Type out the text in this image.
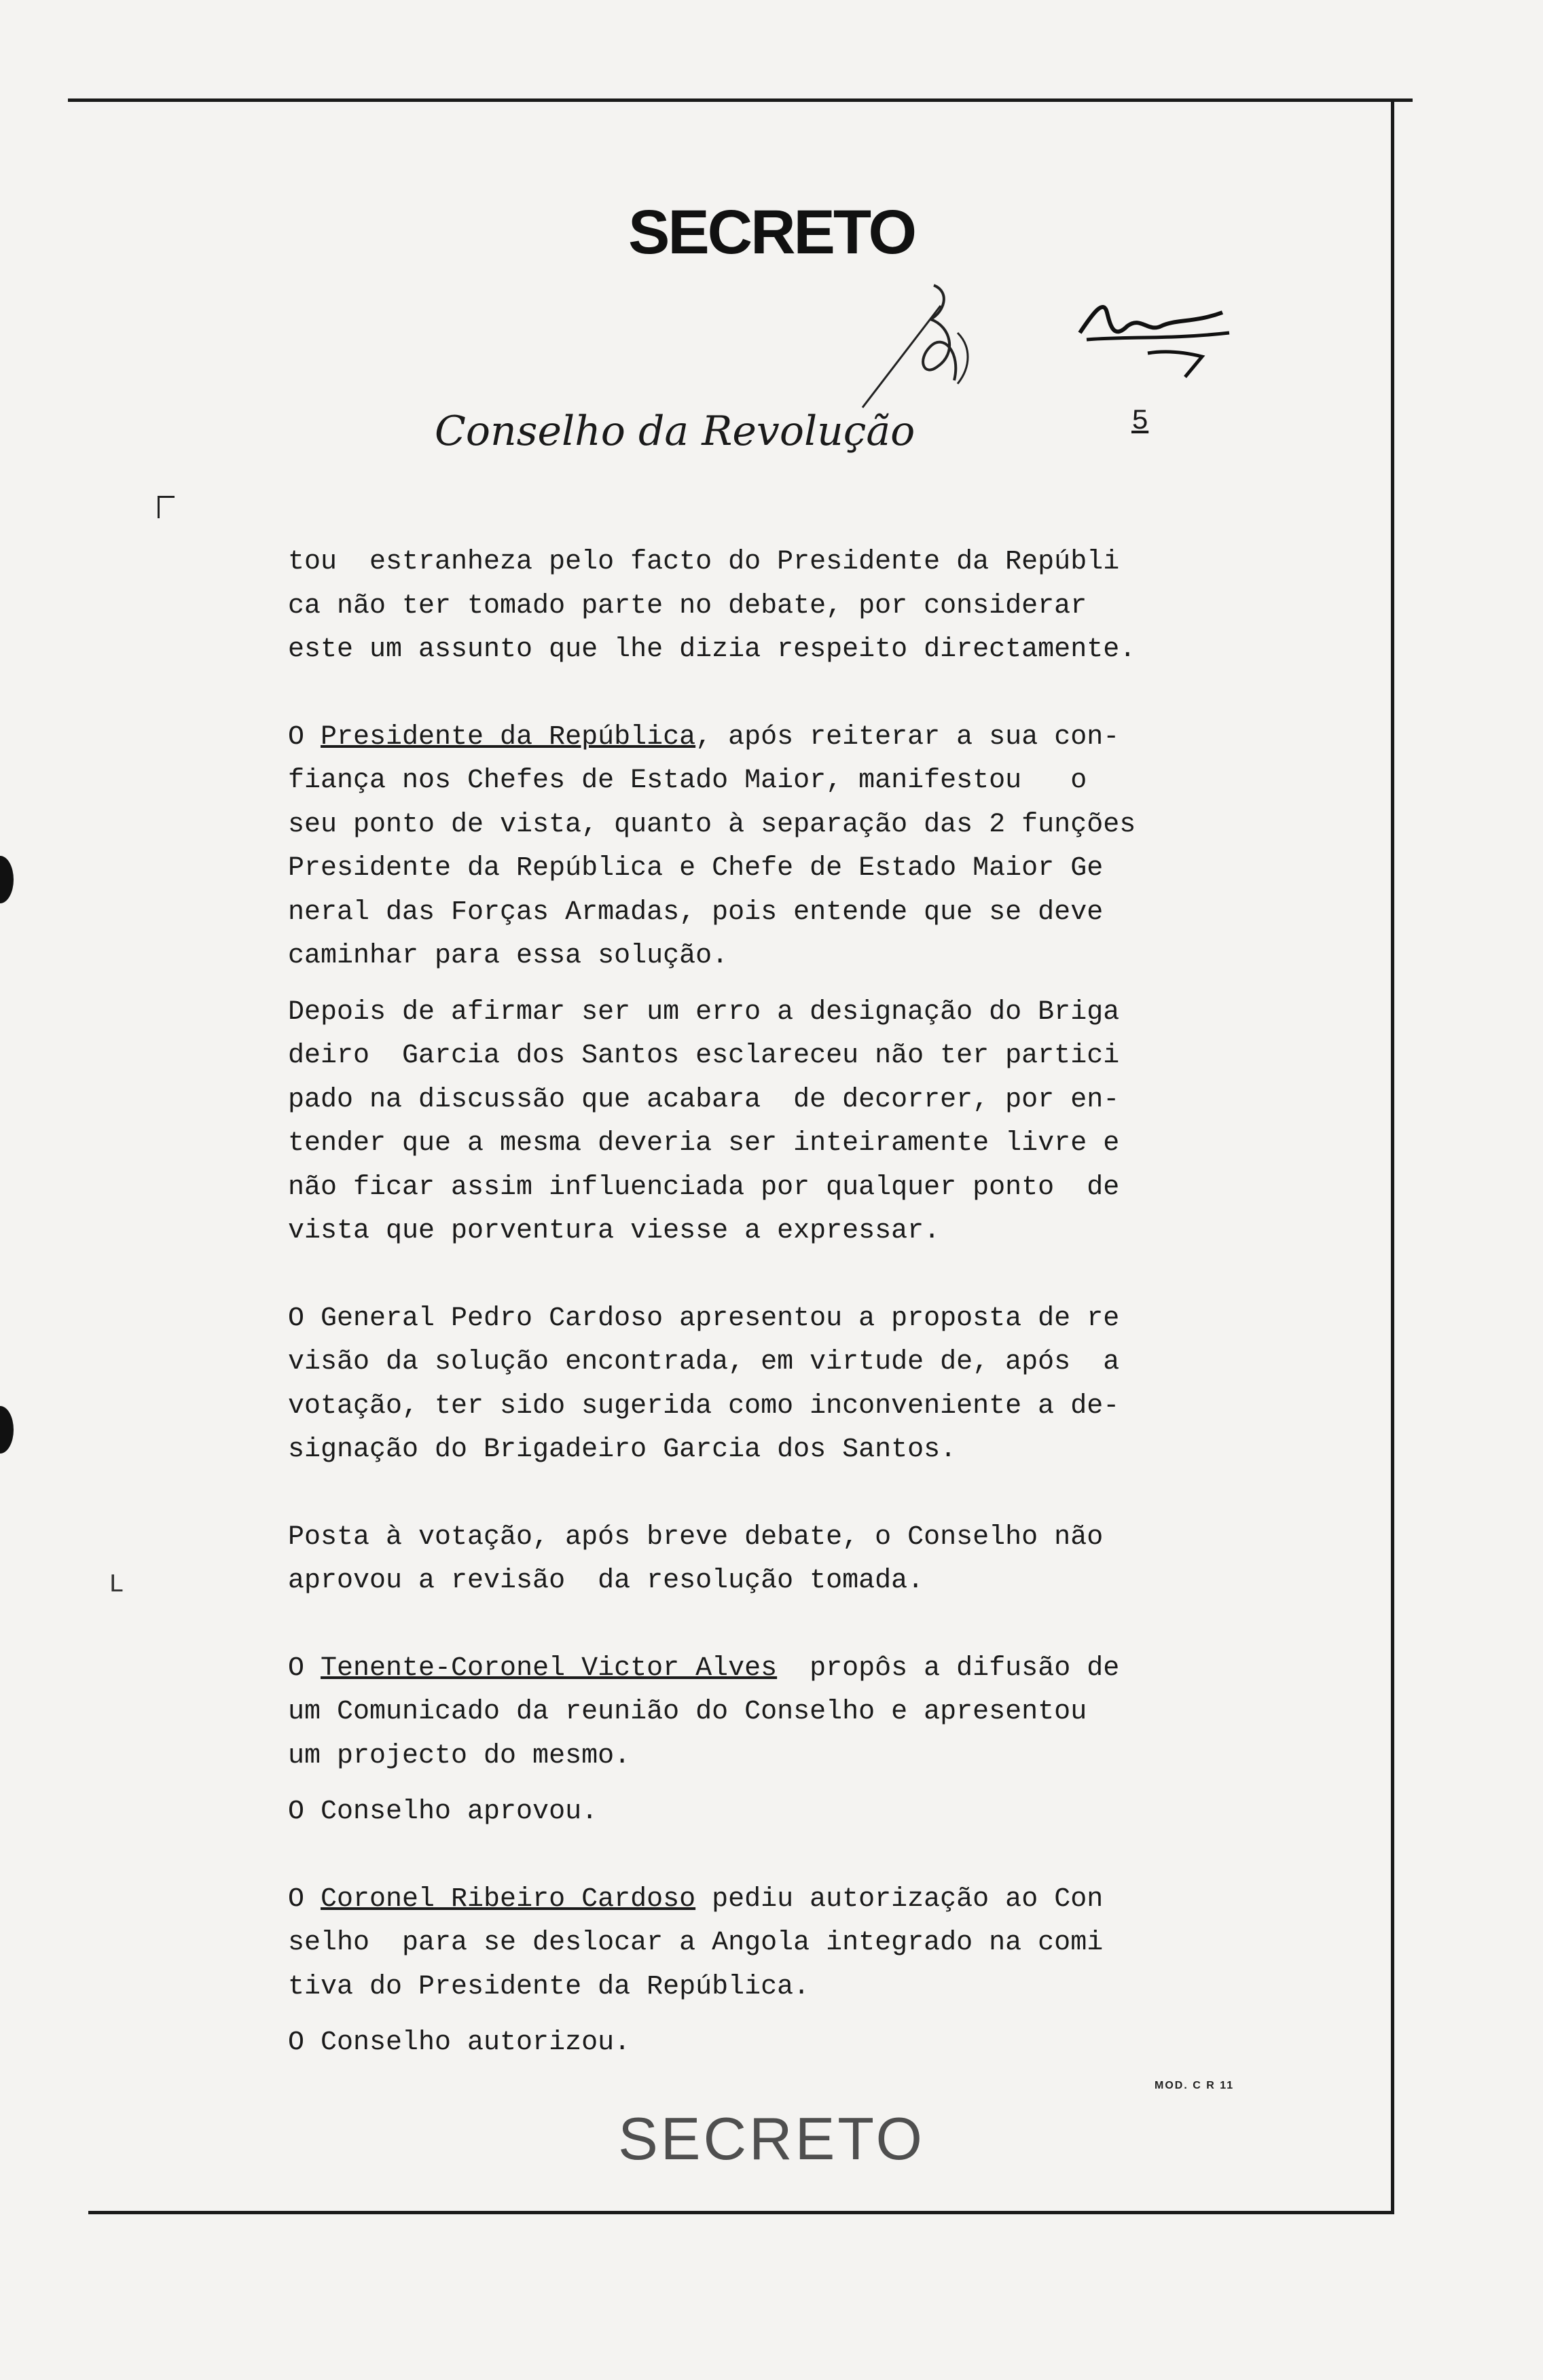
L
SECRETO
Conselho da Revolução	5
tou  estranheza pelo facto do Presidente da Repúbli
ca não ter tomado parte no debate, por considerar
este um assunto que lhe dizia respeito directamente.
O Presidente da República, após reiterar a sua con-
fiança nos Chefes de Estado Maior, manifestou   o
seu ponto de vista, quanto à separação das 2 funções
Presidente da República e Chefe de Estado Maior Ge
neral das Forças Armadas, pois entende que se deve
caminhar para essa solução.
Depois de afirmar ser um erro a designação do Briga
deiro  Garcia dos Santos esclareceu não ter partici
pado na discussão que acabara  de decorrer, por en-
tender que a mesma deveria ser inteiramente livre e
não ficar assim influenciada por qualquer ponto  de
vista que porventura viesse a expressar.
O General Pedro Cardoso apresentou a proposta de re
visão da solução encontrada, em virtude de, após  a
votação, ter sido sugerida como inconveniente a de-
signação do Brigadeiro Garcia dos Santos.
Posta à votação, após breve debate, o Conselho não
aprovou a revisão  da resolução tomada.
O Tenente-Coronel Victor Alves  propôs a difusão de
um Comunicado da reunião do Conselho e apresentou
um projecto do mesmo.
O Conselho aprovou.
O Coronel Ribeiro Cardoso pediu autorização ao Con
selho  para se deslocar a Angola integrado na comi
tiva do Presidente da República.
O Conselho autorizou.
MOD. C R 11
SECRETO
